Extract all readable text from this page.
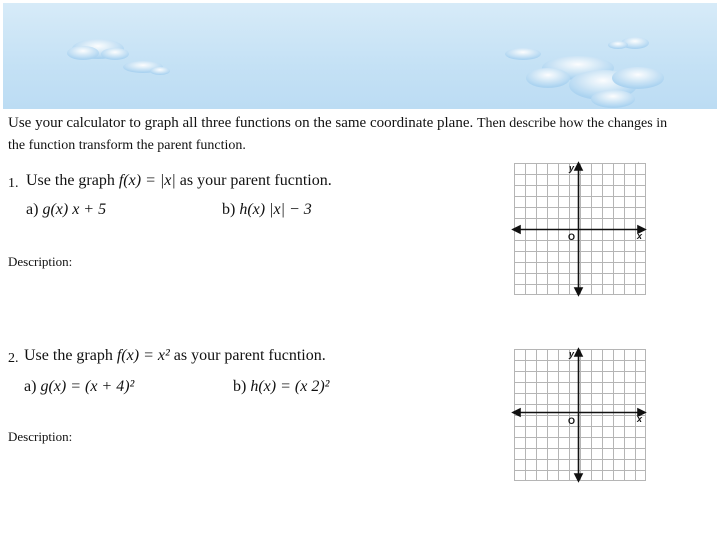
Use your calculator to graph all three functions on the same coordinate plane. Then describe how the changes in
the function transform the parent function.
1. Use the graph f(x) = |x| as your parent fucntion.
a) g(x) x + 5	b) h(x) |x| − 3
Description:
y
x
O
2. Use the graph f(x) = x² as your parent fucntion.
a) g(x) = (x + 4)²	b) h(x) = (x 2)²
Description:
y
x
O
